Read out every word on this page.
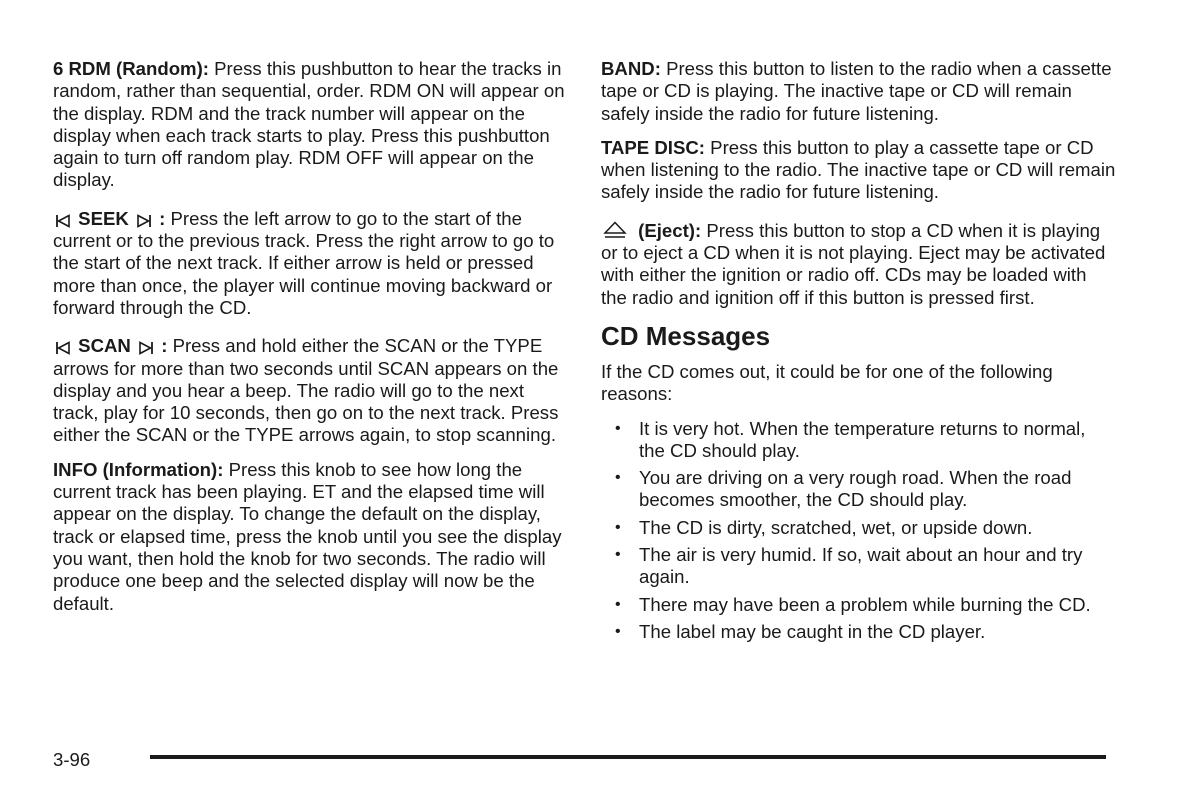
6 RDM (Random): Press this pushbutton to hear the tracks in random, rather than sequential, order. RDM ON will appear on the display. RDM and the track number will appear on the display when each track starts to play. Press this pushbutton again to turn off random play. RDM OFF will appear on the display.

SEEK : Press the left arrow to go to the start of the current or to the previous track. Press the right arrow to go to the start of the next track. If either arrow is held or pressed more than once, the player will continue moving backward or forward through the CD.

SCAN : Press and hold either the SCAN or the TYPE arrows for more than two seconds until SCAN appears on the display and you hear a beep. The radio will go to the next track, play for 10 seconds, then go on to the next track. Press either the SCAN or the TYPE arrows again, to stop scanning.

INFO (Information): Press this knob to see how long the current track has been playing. ET and the elapsed time will appear on the display. To change the default on the display, track or elapsed time, press the knob until you see the display you want, then hold the knob for two seconds. The radio will produce one beep and the selected display will now be the default.

BAND: Press this button to listen to the radio when a cassette tape or CD is playing. The inactive tape or CD will remain safely inside the radio for future listening.

TAPE DISC: Press this button to play a cassette tape or CD when listening to the radio. The inactive tape or CD will remain safely inside the radio for future listening.

(Eject): Press this button to stop a CD when it is playing or to eject a CD when it is not playing. Eject may be activated with either the ignition or radio off. CDs may be loaded with the radio and ignition off if this button is pressed first.

CD Messages

If the CD comes out, it could be for one of the following reasons:

• It is very hot. When the temperature returns to normal, the CD should play.
• You are driving on a very rough road. When the road becomes smoother, the CD should play.
• The CD is dirty, scratched, wet, or upside down.
• The air is very humid. If so, wait about an hour and try again.
• There may have been a problem while burning the CD.
• The label may be caught in the CD player.
3-96
